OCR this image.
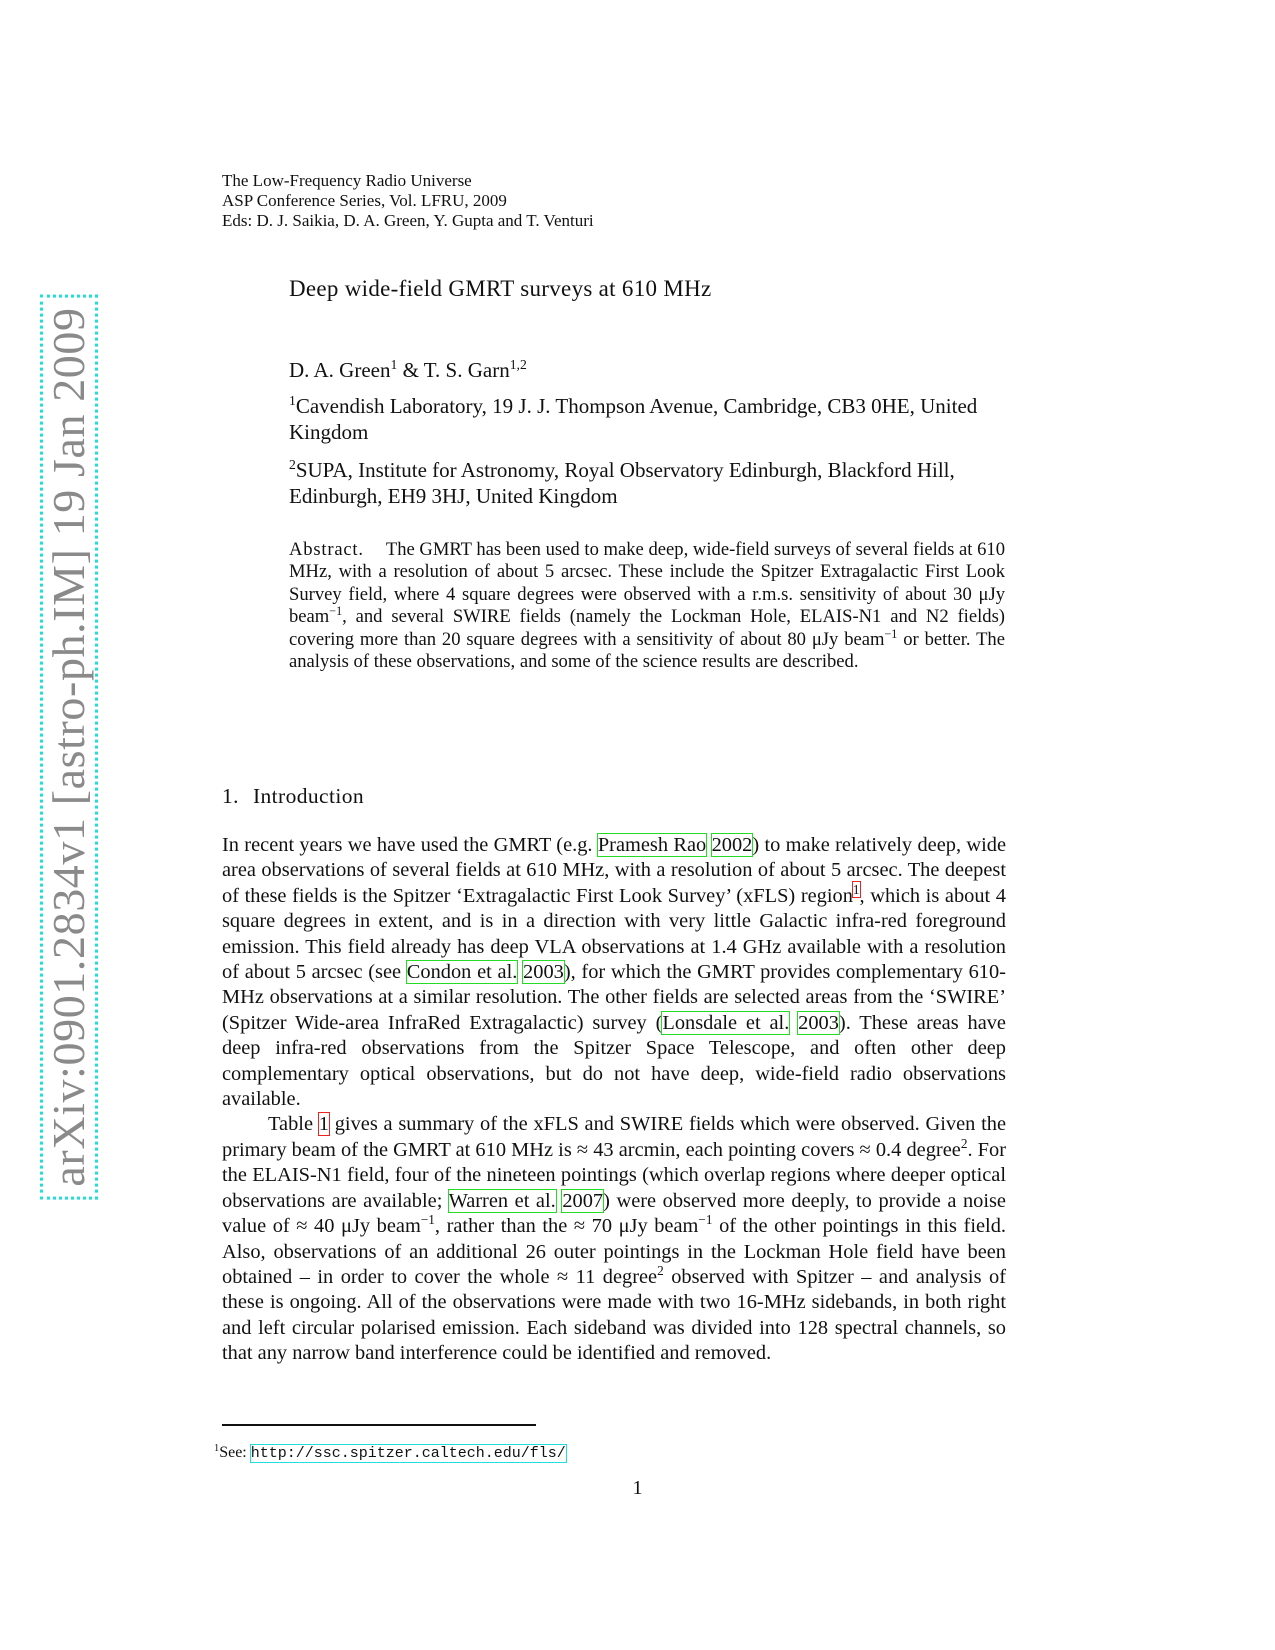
arXiv:0901.2834v1 [astro-ph.IM] 19 Jan 2009
The Low-Frequency Radio Universe
ASP Conference Series, Vol. LFRU, 2009
Eds: D. J. Saikia, D. A. Green, Y. Gupta and T. Venturi
Deep wide-field GMRT surveys at 610 MHz
D. A. Green$^1$ & T. S. Garn$^{1,2}$
$^1$Cavendish Laboratory, 19 J. J. Thompson Avenue, Cambridge, CB3 0HE, United Kingdom
$^2$SUPA, Institute for Astronomy, Royal Observatory Edinburgh, Blackford Hill, Edinburgh, EH9 3HJ, United Kingdom
Abstract. The GMRT has been used to make deep, wide-field surveys of several fields at 610 MHz, with a resolution of about 5 arcsec. These include the Spitzer Extragalactic First Look Survey field, where 4 square degrees were observed with a r.m.s. sensitivity of about 30 μJy beam$^{-1}$, and several SWIRE fields (namely the Lockman Hole, ELAIS-N1 and N2 fields) covering more than 20 square degrees with a sensitivity of about 80 μJy beam$^{-1}$ or better. The analysis of these observations, and some of the science results are described.
1. Introduction

In recent years we have used the GMRT (e.g. Pramesh Rao 2002) to make relatively deep, wide area observations of several fields at 610 MHz, with a resolution of about 5 arcsec. The deepest of these fields is the Spitzer ‘Extragalactic First Look Survey’ (xFLS) region$^1$, which is about 4 square degrees in extent, and is in a direction with very little Galactic infra-red foreground emission. This field already has deep VLA observations at 1.4 GHz available with a resolution of about 5 arcsec (see Condon et al. 2003), for which the GMRT provides complementary 610-MHz observations at a similar resolution. The other fields are selected areas from the ‘SWIRE’ (Spitzer Wide-area InfraRed Extragalactic) survey (Lonsdale et al. 2003). These areas have deep infra-red observations from the Spitzer Space Telescope, and often other deep complementary optical observations, but do not have deep, wide-field radio observations available.

Table 1 gives a summary of the xFLS and SWIRE fields which were observed. Given the primary beam of the GMRT at 610 MHz is ≈ 43 arcmin, each pointing covers ≈ 0.4 degree$^2$. For the ELAIS-N1 field, four of the nineteen pointings (which overlap regions where deeper optical observations are available; Warren et al. 2007) were observed more deeply, to provide a noise value of ≈ 40 μJy beam$^{-1}$, rather than the ≈ 70 μJy beam$^{-1}$ of the other pointings in this field. Also, observations of an additional 26 outer pointings in the Lockman Hole field have been obtained – in order to cover the whole ≈ 11 degree$^2$ observed with Spitzer – and analysis of these is ongoing. All of the observations were made with two 16-MHz sidebands, in both right and left circular polarised emission. Each sideband was divided into 128 spectral channels, so that any narrow band interference could be identified and removed.

$^1$See: http://ssc.spitzer.caltech.edu/fls/
1
